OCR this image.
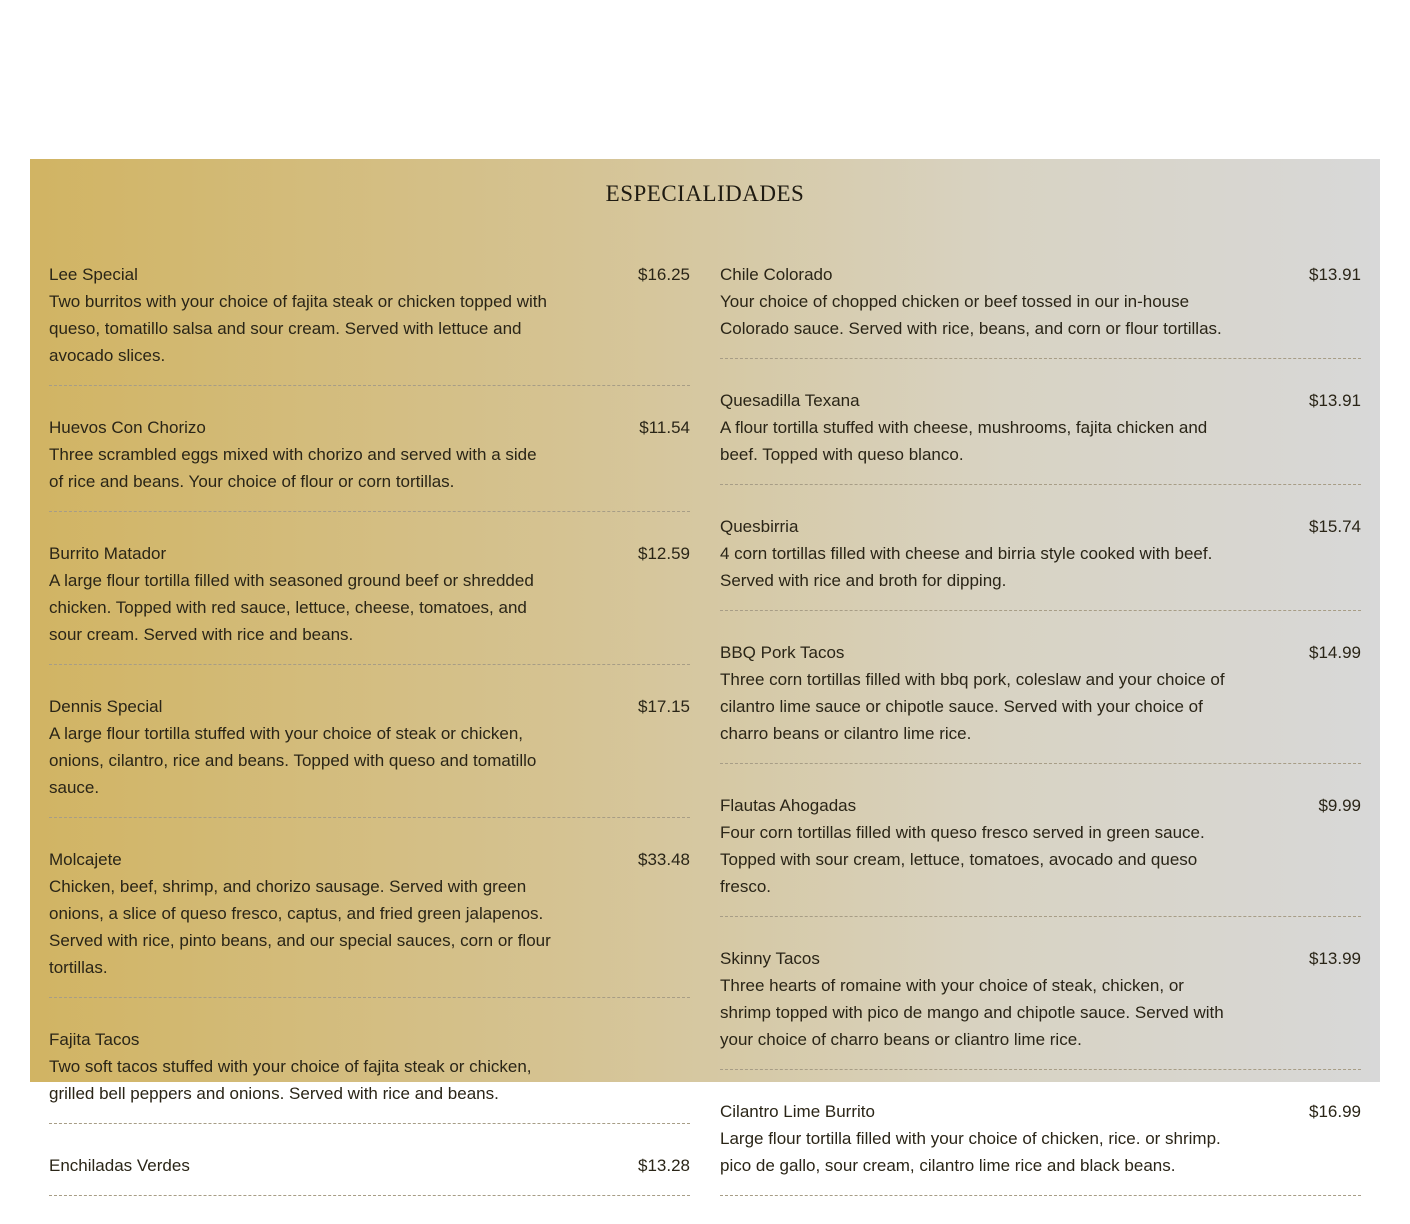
ESPECIALIDADES
Lee Special	$16.25
Two burritos with your choice of fajita steak or chicken topped with queso, tomatillo salsa and sour cream. Served with lettuce and avocado slices.
Huevos Con Chorizo	$11.54
Three scrambled eggs mixed with chorizo and served with a side of rice and beans. Your choice of flour or corn tortillas.
Burrito Matador	$12.59
A large flour tortilla filled with seasoned ground beef or shredded chicken. Topped with red sauce, lettuce, cheese, tomatoes, and sour cream. Served with rice and beans.
Dennis Special	$17.15
A large flour tortilla stuffed with your choice of steak or chicken, onions, cilantro, rice and beans. Topped with queso and tomatillo sauce.
Molcajete	$33.48
Chicken, beef, shrimp, and chorizo sausage. Served with green onions, a slice of queso fresco, captus, and fried green jalapenos. Served with rice, pinto beans, and our special sauces, corn or flour tortillas.
Fajita Tacos
Two soft tacos stuffed with your choice of fajita steak or chicken, grilled bell peppers and onions. Served with rice and beans.
Enchiladas Verdes	$13.28
Chile Colorado	$13.91
Your choice of chopped chicken or beef tossed in our in-house Colorado sauce. Served with rice, beans, and corn or flour tortillas.
Quesadilla Texana	$13.91
A flour tortilla stuffed with cheese, mushrooms, fajita chicken and beef. Topped with queso blanco.
Quesbirria	$15.74
4 corn tortillas filled with cheese and birria style cooked with beef. Served with rice and broth for dipping.
BBQ Pork Tacos	$14.99
Three corn tortillas filled with bbq pork, coleslaw and your choice of cilantro lime sauce or chipotle sauce. Served with your choice of charro beans or cilantro lime rice.
Flautas Ahogadas	$9.99
Four corn tortillas filled with queso fresco served in green sauce. Topped with sour cream, lettuce, tomatoes, avocado and queso fresco.
Skinny Tacos	$13.99
Three hearts of romaine with your choice of steak, chicken, or shrimp topped with pico de mango and chipotle sauce. Served with your choice of charro beans or cliantro lime rice.
Cilantro Lime Burrito	$16.99
Large flour tortilla filled with your choice of chicken, rice. or shrimp. pico de gallo, sour cream, cilantro lime rice and black beans.
